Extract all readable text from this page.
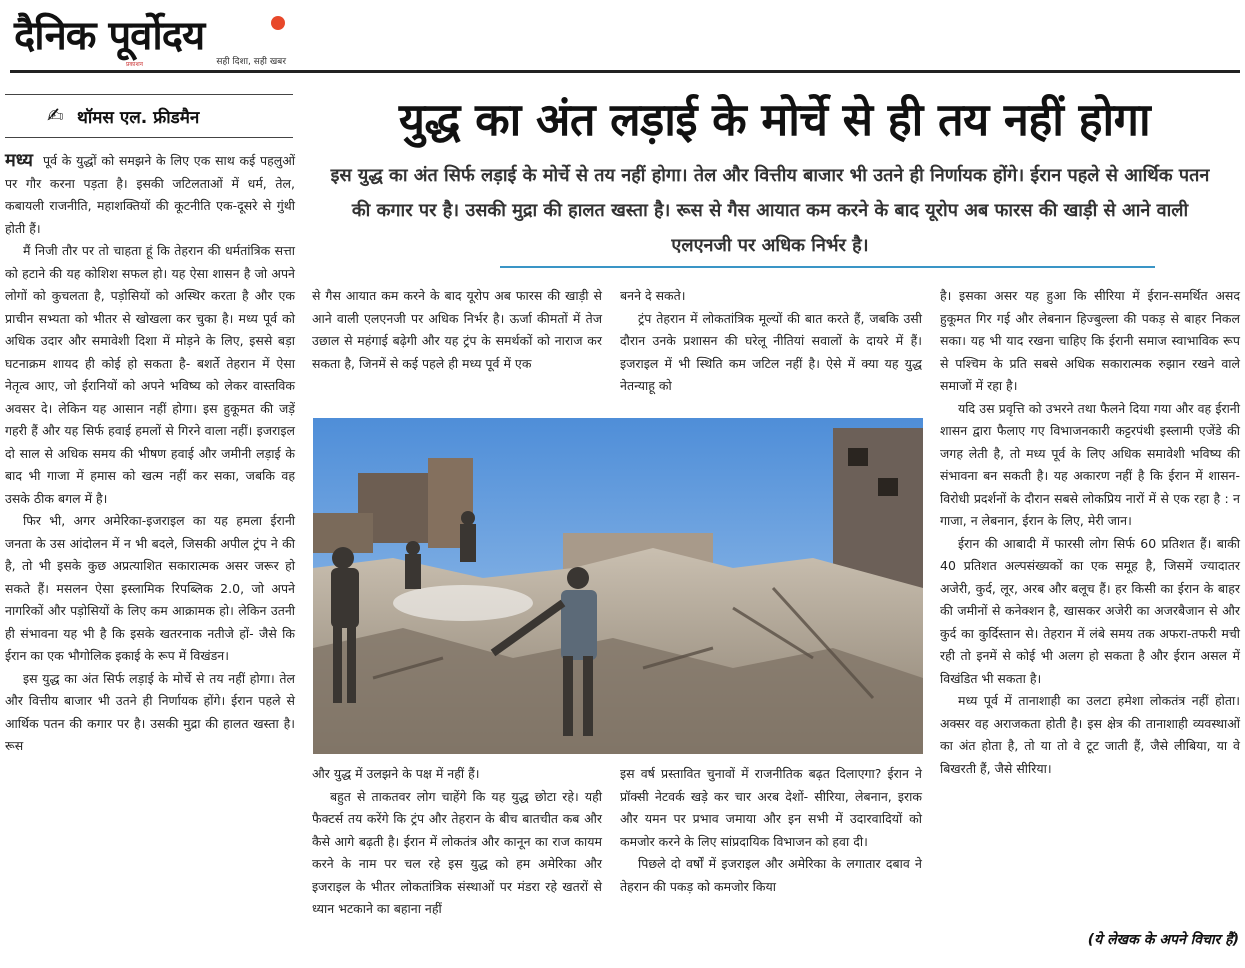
दैनिक पूर्वोदय
प्रकाशन	सही दिशा, सही खबर
✍ थॉमस एल. फ्रीडमैन	युद्ध का अंत लड़ाई के मोर्चे से ही तय नहीं होगा
इस युद्ध का अंत सिर्फ लड़ाई के मोर्चे से तय नहीं होगा। तेल और वित्तीय बाजार भी उतने ही निर्णायक होंगे। ईरान पहले से आर्थिक पतन की कगार पर है। उसकी मुद्रा की हालत खस्ता है। रूस से गैस आयात कम करने के बाद यूरोप अब फारस की खाड़ी से आने वाली एलएनजी पर अधिक निर्भर है।

मध्य पूर्व के युद्धों को समझने के लिए एक साथ कई पहलुओं पर गौर करना पड़ता है। इसकी जटिलताओं में धर्म, तेल, कबायली राजनीति, महाशक्तियों की कूटनीति एक-दूसरे से गुंथी होती हैं।

मैं निजी तौर पर तो चाहता हूं कि तेहरान की धर्मतांत्रिक सत्ता को हटाने की यह कोशिश सफल हो। यह ऐसा शासन है जो अपने लोगों को कुचलता है, पड़ोसियों को अस्थिर करता है और एक प्राचीन सभ्यता को भीतर से खोखला कर चुका है। मध्य पूर्व को अधिक उदार और समावेशी दिशा में मोड़ने के लिए, इससे बड़ा घटनाक्रम शायद ही कोई हो सकता है- बशर्ते तेहरान में ऐसा नेतृत्व आए, जो ईरानियों को अपने भविष्य को लेकर वास्तविक अवसर दे। लेकिन यह आसान नहीं होगा। इस हुकूमत की जड़ें गहरी हैं और यह सिर्फ हवाई हमलों से गिरने वाला नहीं। इजराइल दो साल से अधिक समय की भीषण हवाई और जमीनी लड़ाई के बाद भी गाजा में हमास को खत्म नहीं कर सका, जबकि वह उसके ठीक बगल में है।

फिर भी, अगर अमेरिका-इजराइल का यह हमला ईरानी जनता के उस आंदोलन में न भी बदले, जिसकी अपील ट्रंप ने की है, तो भी इसके कुछ अप्रत्याशित सकारात्मक असर जरूर हो सकते हैं। मसलन ऐसा इस्लामिक रिपब्लिक 2.0, जो अपने नागरिकों और पड़ोसियों के लिए कम आक्रामक हो। लेकिन उतनी ही संभावना यह भी है कि इसके खतरनाक नतीजे हों- जैसे कि ईरान का एक भौगोलिक इकाई के रूप में विखंडन।

इस युद्ध का अंत सिर्फ लड़ाई के मोर्चे से तय नहीं होगा। तेल और वित्तीय बाजार भी उतने ही निर्णायक होंगे। ईरान पहले से आर्थिक पतन की कगार पर है। उसकी मुद्रा की हालत खस्ता है। रूस

से गैस आयात कम करने के बाद यूरोप अब फारस की खाड़ी से आने वाली एलएनजी पर अधिक निर्भर है। ऊर्जा कीमतों में तेज उछाल से महंगाई बढ़ेगी और यह ट्रंप के समर्थकों को नाराज कर सकता है, जिनमें से कई पहले ही मध्य पूर्व में एक

बनने दे सकते।

ट्रंप तेहरान में लोकतांत्रिक मूल्यों की बात करते हैं, जबकि उसी दौरान उनके प्रशासन की घरेलू नीतियां सवालों के दायरे में हैं। इजराइल में भी स्थिति कम जटिल नहीं है। ऐसे में क्या यह युद्ध नेतन्याहू को

और युद्ध में उलझने के पक्ष में नहीं हैं।

बहुत से ताकतवर लोग चाहेंगे कि यह युद्ध छोटा रहे। यही फैक्टर्स तय करेंगे कि ट्रंप और तेहरान के बीच बातचीत कब और कैसे आगे बढ़ती है। ईरान में लोकतंत्र और कानून का राज कायम करने के नाम पर चल रहे इस युद्ध को हम अमेरिका और इजराइल के भीतर लोकतांत्रिक संस्थाओं पर मंडरा रहे खतरों से ध्यान भटकाने का बहाना नहीं

इस वर्ष प्रस्तावित चुनावों में राजनीतिक बढ़त दिलाएगा? ईरान ने प्रॉक्सी नेटवर्क खड़े कर चार अरब देशों- सीरिया, लेबनान, इराक और यमन पर प्रभाव जमाया और इन सभी में उदारवादियों को कमजोर करने के लिए सांप्रदायिक विभाजन को हवा दी।

पिछले दो वर्षों में इजराइल और अमेरिका के लगातार दबाव ने तेहरान की पकड़ को कमजोर किया

है। इसका असर यह हुआ कि सीरिया में ईरान-समर्थित असद हुकूमत गिर गई और लेबनान हिज्बुल्ला की पकड़ से बाहर निकल सका। यह भी याद रखना चाहिए कि ईरानी समाज स्वाभाविक रूप से पश्चिम के प्रति सबसे अधिक सकारात्मक रुझान रखने वाले समाजों में रहा है।

यदि उस प्रवृत्ति को उभरने तथा फैलने दिया गया और वह ईरानी शासन द्वारा फैलाए गए विभाजनकारी कट्टरपंथी इस्लामी एजेंडे की जगह लेती है, तो मध्य पूर्व के लिए अधिक समावेशी भविष्य की संभावना बन सकती है। यह अकारण नहीं है कि ईरान में शासन-विरोधी प्रदर्शनों के दौरान सबसे लोकप्रिय नारों में से एक रहा है : न गाजा, न लेबनान, ईरान के लिए, मेरी जान।

ईरान की आबादी में फारसी लोग सिर्फ 60 प्रतिशत हैं। बाकी 40 प्रतिशत अल्पसंख्यकों का एक समूह है, जिसमें ज्यादातर अजेरी, कुर्द, लूर, अरब और बलूच हैं। हर किसी का ईरान के बाहर की जमीनों से कनेक्शन है, खासकर अजेरी का अजरबैजान से और कुर्द का कुर्दिस्तान से। तेहरान में लंबे समय तक अफरा-तफरी मची रही तो इनमें से कोई भी अलग हो सकता है और ईरान असल में विखंडित भी सकता है।

मध्य पूर्व में तानाशाही का उलटा हमेशा लोकतंत्र नहीं होता। अक्सर वह अराजकता होती है। इस क्षेत्र की तानाशाही व्यवस्थाओं का अंत होता है, तो या तो वे टूट जाती हैं, जैसे लीबिया, या वे बिखरती हैं, जैसे सीरिया।

(ये लेखक के अपने विचार हैं)
